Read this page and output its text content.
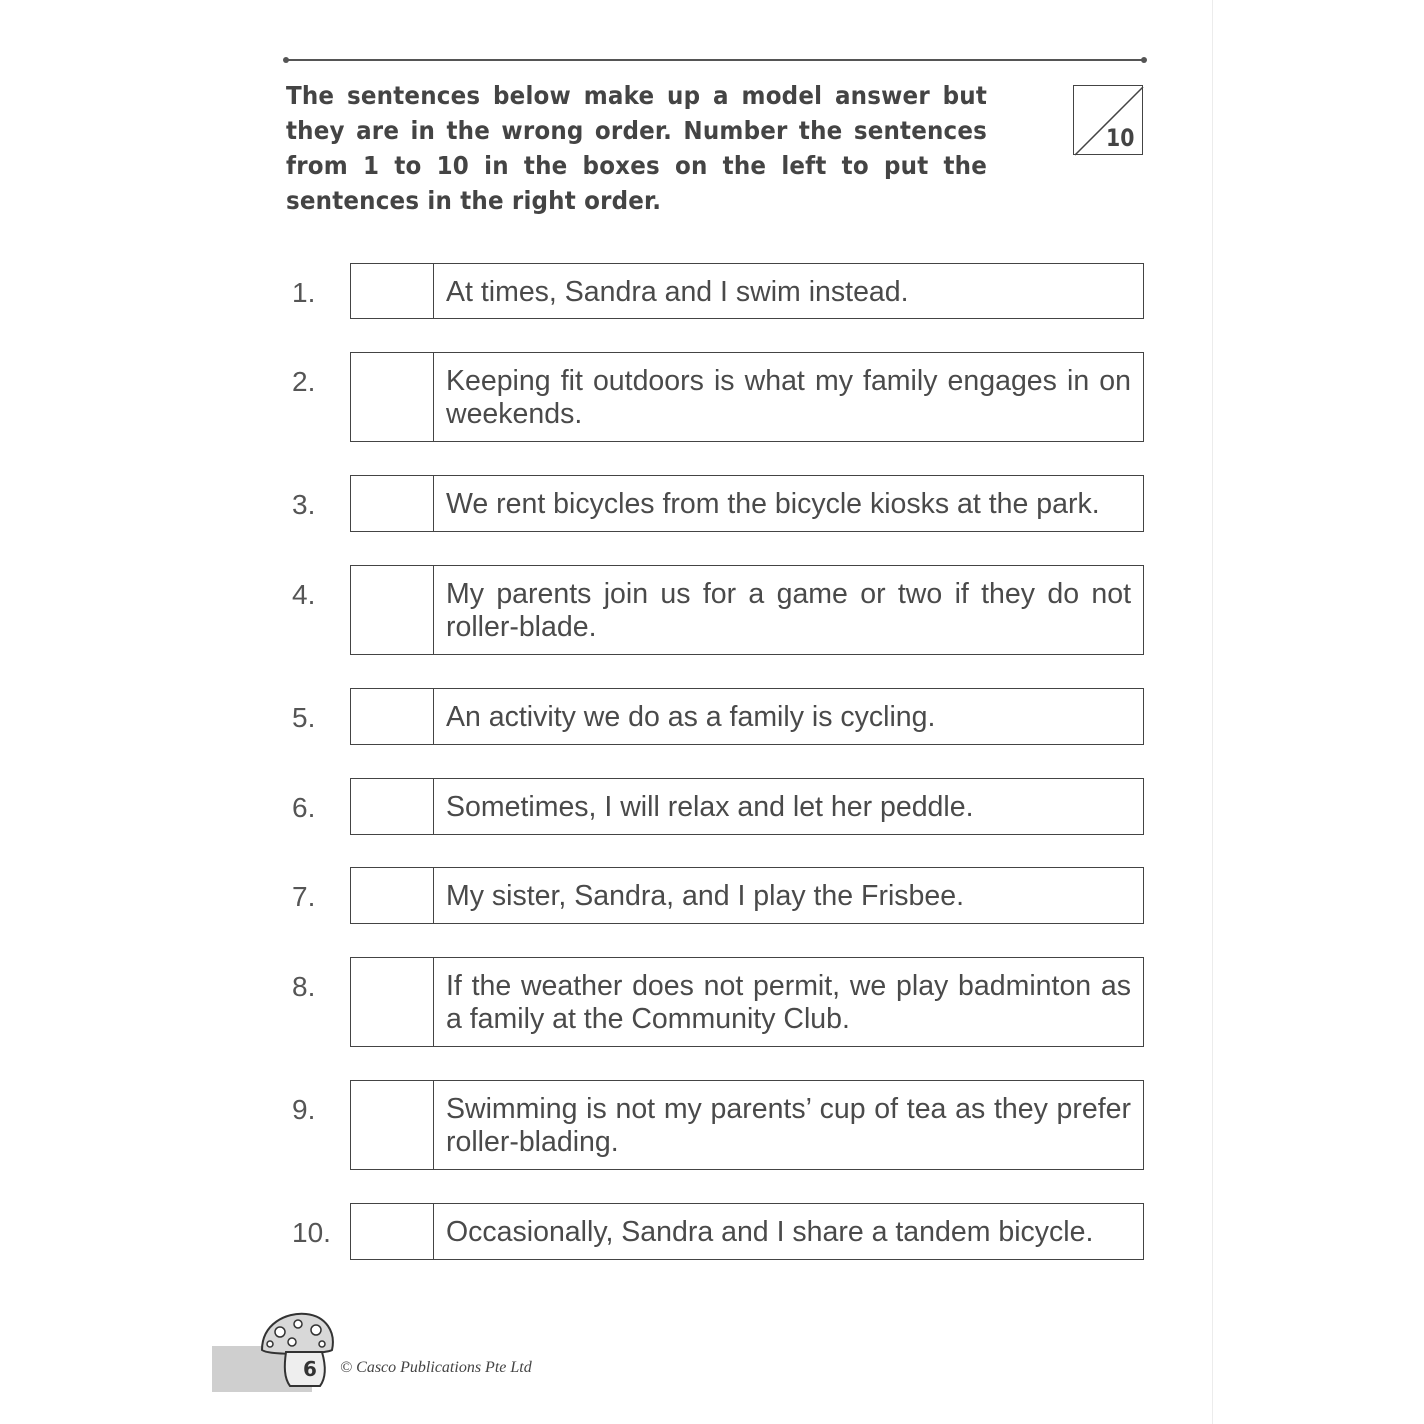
The sentences below make up a model answer but they are in the wrong order. Number the sentences from 1 to 10 in the boxes on the left to put the sentences in the right order.
10
1.	At times, Sandra and I swim instead.
2.	Keeping fit outdoors is what my family engages in on weekends.
3.	We rent bicycles from the bicycle kiosks at the park.
4.	My parents join us for a game or two if they do not roller-blade.
5.	An activity we do as a family is cycling.
6.	Sometimes, I will relax and let her peddle.
7.	My sister, Sandra, and I play the Frisbee.
8.	If the weather does not permit, we play badminton as a family at the Community Club.
9.	Swimming is not my parents’ cup of tea as they prefer roller-blading.
10.	Occasionally, Sandra and I share a tandem bicycle.
6 © Casco Publications Pte Ltd
